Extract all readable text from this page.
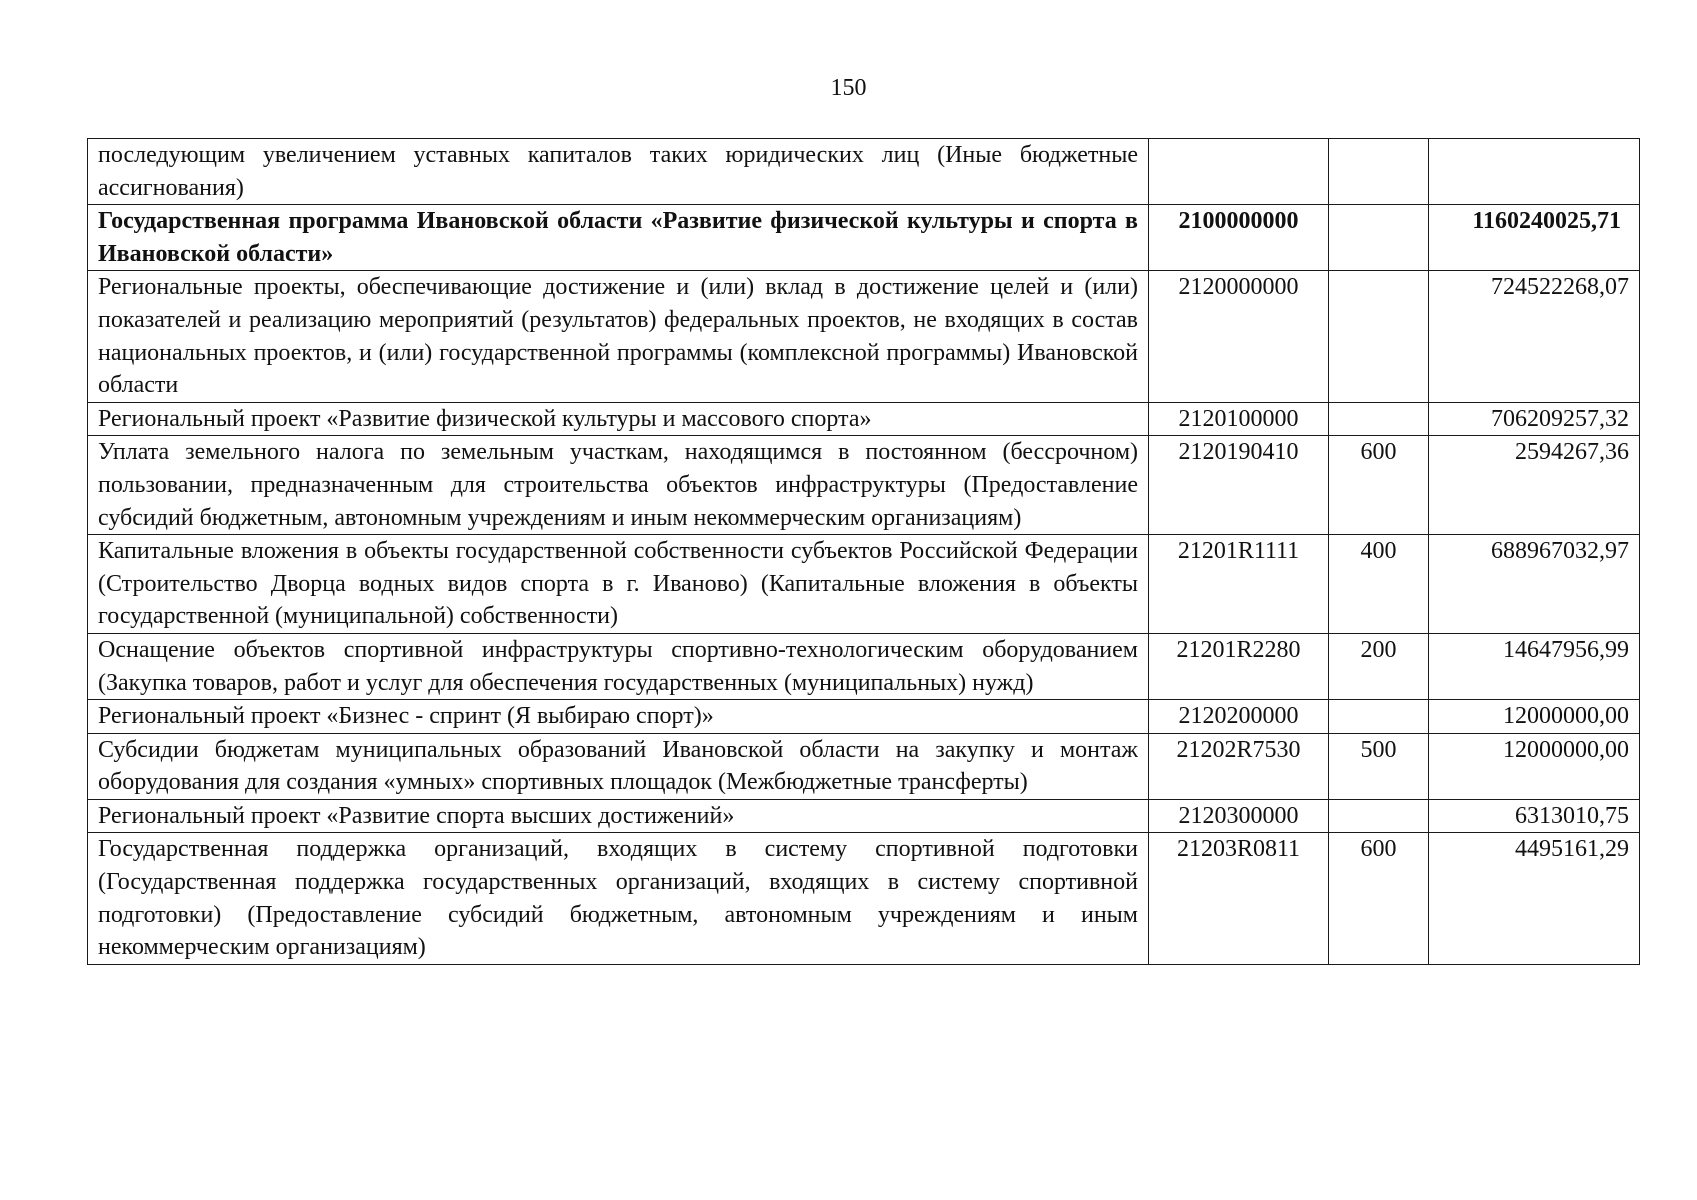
150
последующим увеличением уставных капиталов таких юридических лиц (Иные бюджетные ассигнования)			
Государственная программа Ивановской области «Развитие физической культуры и спорта в Ивановской области»	2100000000		1160240025,71
Региональные проекты, обеспечивающие достижение и (или) вклад в достижение целей и (или) показателей и реализацию мероприятий (результатов) федеральных проектов, не входящих в состав национальных проектов, и (или) государственной программы (комплексной программы) Ивановской области	2120000000		724522268,07
Региональный проект «Развитие физической культуры и массового спорта»	2120100000		706209257,32
Уплата земельного налога по земельным участкам, находящимся в постоянном (бессрочном) пользовании, предназначенным для строительства объектов инфраструктуры (Предоставление субсидий бюджетным, автономным учреждениям и иным некоммерческим организациям)	2120190410	600	2594267,36
Капитальные вложения в объекты государственной собственности субъектов Российской Федерации (Строительство Дворца водных видов спорта в г. Иваново) (Капитальные вложения в объекты государственной (муниципальной) собственности)	21201R1111	400	688967032,97
Оснащение объектов спортивной инфраструктуры спортивно-технологическим оборудованием (Закупка товаров, работ и услуг для обеспечения государственных (муниципальных) нужд)	21201R2280	200	14647956,99
Региональный проект «Бизнес - спринт (Я выбираю спорт)»	2120200000		12000000,00
Субсидии бюджетам муниципальных образований Ивановской области на закупку и монтаж оборудования для создания «умных» спортивных площадок (Межбюджетные трансферты)	21202R7530	500	12000000,00
Региональный проект «Развитие спорта высших достижений»	2120300000		6313010,75
Государственная поддержка организаций, входящих в систему спортивной подготовки (Государственная поддержка государственных организаций, входящих в систему спортивной подготовки) (Предоставление субсидий бюджетным, автономным учреждениям и иным некоммерческим организациям)	21203R0811	600	4495161,29
